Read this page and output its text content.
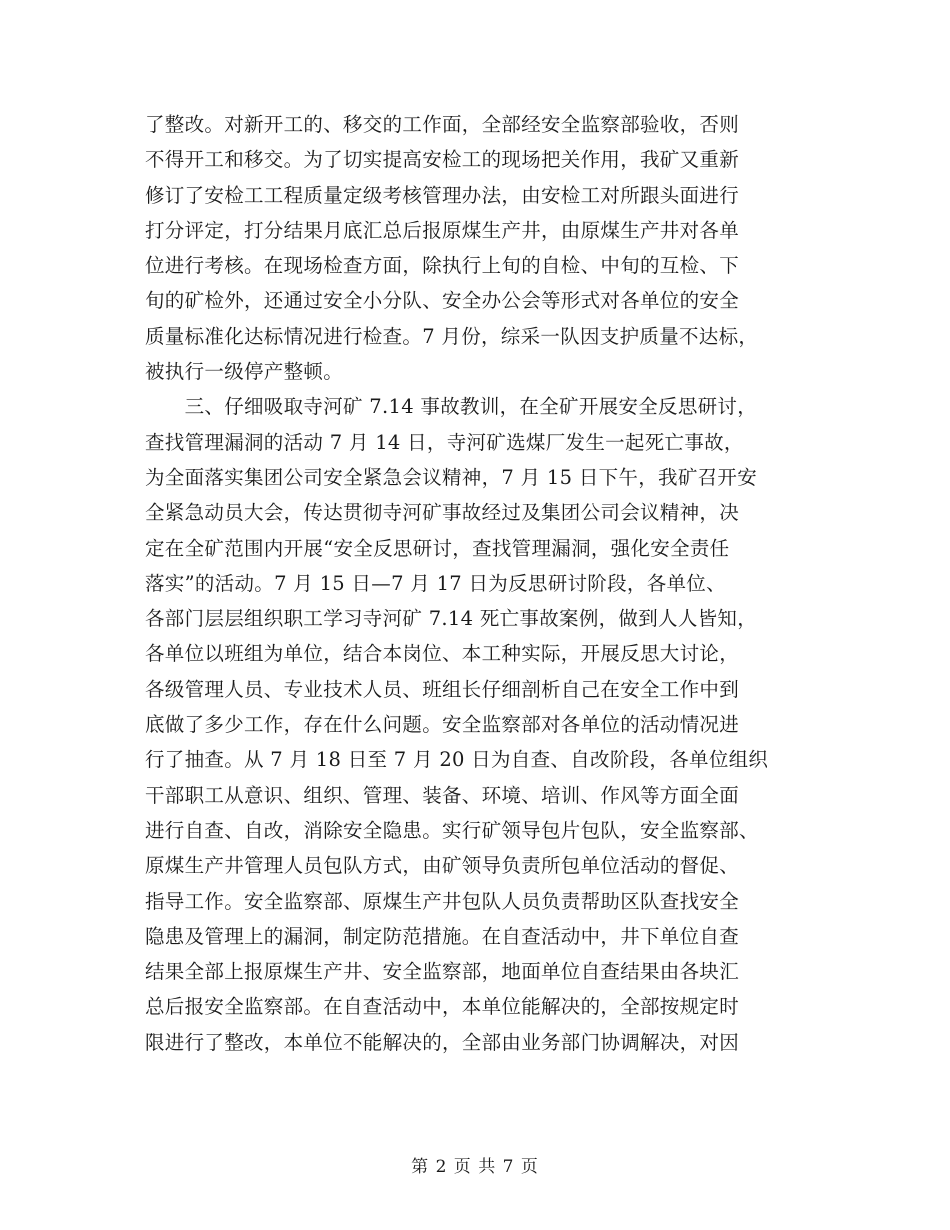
了整改。对新开工的、移交的工作面，全部经安全监察部验收，否则
不得开工和移交。为了切实提高安检工的现场把关作用，我矿又重新
修订了安检工工程质量定级考核管理办法，由安检工对所跟头面进行
打分评定，打分结果月底汇总后报原煤生产井，由原煤生产井对各单
位进行考核。在现场检查方面，除执行上旬的自检、中旬的互检、下
旬的矿检外，还通过安全小分队、安全办公会等形式对各单位的安全
质量标准化达标情况进行检查。7 月份，综采一队因支护质量不达标，
被执行一级停产整顿。
　　三、仔细吸取寺河矿 7.14 事故教训，在全矿开展安全反思研讨，
查找管理漏洞的活动 7 月 14 日，寺河矿选煤厂发生一起死亡事故，
为全面落实集团公司安全紧急会议精神，7 月 15 日下午，我矿召开安
全紧急动员大会，传达贯彻寺河矿事故经过及集团公司会议精神，决
定在全矿范围内开展“安全反思研讨，查找管理漏洞，强化安全责任
落实”的活动。7 月 15 日—7 月 17 日为反思研讨阶段，各单位、
各部门层层组织职工学习寺河矿 7.14 死亡事故案例，做到人人皆知，
各单位以班组为单位，结合本岗位、本工种实际，开展反思大讨论，
各级管理人员、专业技术人员、班组长仔细剖析自己在安全工作中到
底做了多少工作，存在什么问题。安全监察部对各单位的活动情况进
行了抽查。从 7 月 18 日至 7 月 20 日为自查、自改阶段，各单位组织
干部职工从意识、组织、管理、装备、环境、培训、作风等方面全面
进行自查、自改，消除安全隐患。实行矿领导包片包队，安全监察部、
原煤生产井管理人员包队方式，由矿领导负责所包单位活动的督促、
指导工作。安全监察部、原煤生产井包队人员负责帮助区队查找安全
隐患及管理上的漏洞，制定防范措施。在自查活动中，井下单位自查
结果全部上报原煤生产井、安全监察部，地面单位自查结果由各块汇
总后报安全监察部。在自查活动中，本单位能解决的，全部按规定时
限进行了整改，本单位不能解决的，全部由业务部门协调解决，对因
第 2 页 共 7 页
